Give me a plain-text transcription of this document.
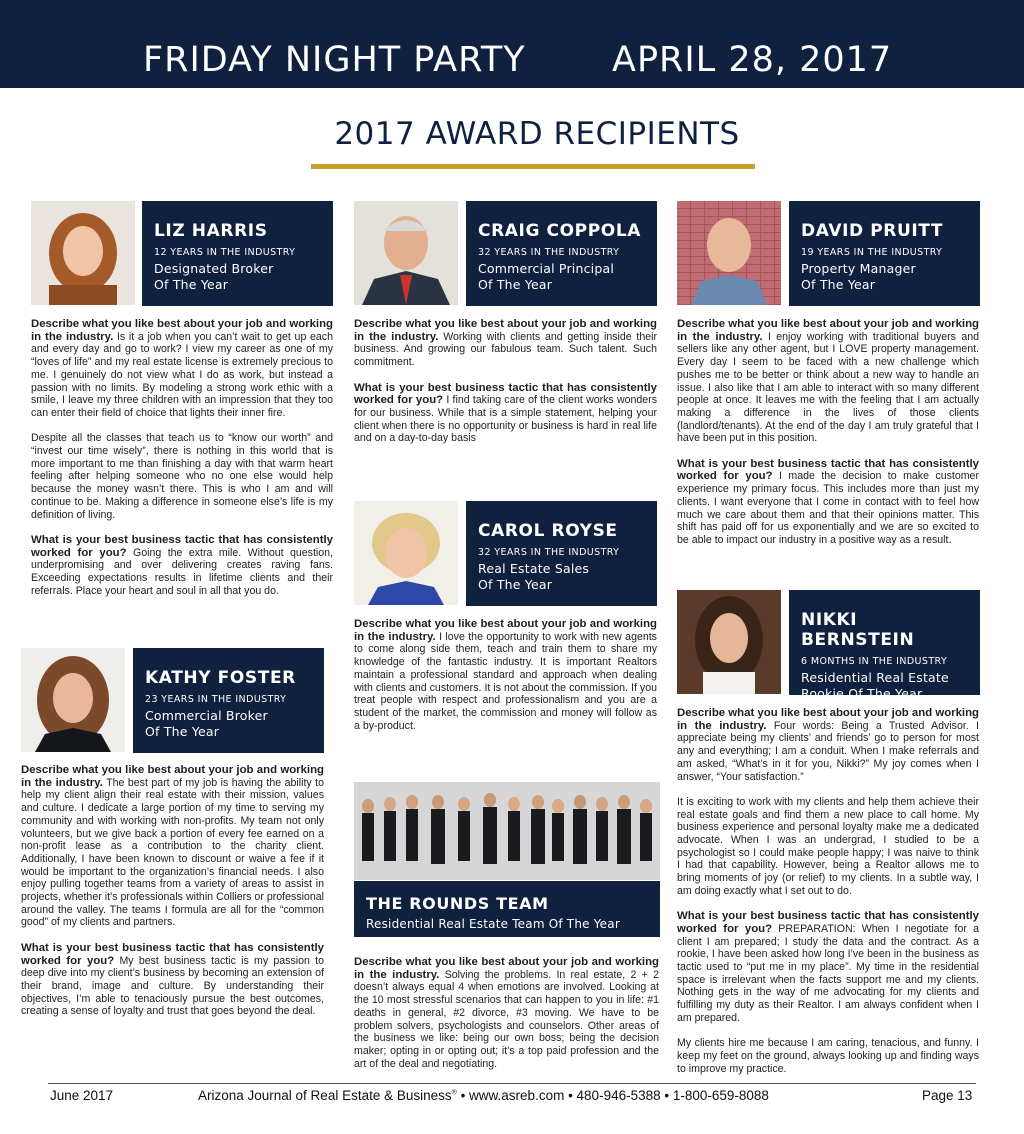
FRIDAY NIGHT PARTY APRIL 28, 2017
2017 AWARD RECIPIENTS
LIZ HARRIS
12 YEARS IN THE INDUSTRY
Designated Broker
Of The Year

Describe what you like best about your job and working in the industry. Is it a job when you can’t wait to get up each and every day and go to work? I view my career as one of my “loves of life” and my real estate license is extremely precious to me. I genuinely do not view what I do as work, but instead a passion with no limits. By modeling a strong work ethic with a smile, I leave my three children with an impression that they too can enter their field of choice that lights their inner fire.

Despite all the classes that teach us to “know our worth” and “invest our time wisely”, there is nothing in this world that is more important to me than finishing a day with that warm heart feeling after helping someone who no one else would help because the money wasn’t there. This is who I am and will continue to be. Making a difference in someone else’s life is my definition of living.

What is your best business tactic that has consistently worked for you? Going the extra mile. Without question, underpromising and over delivering creates raving fans. Exceeding expectations results in lifetime clients and their referrals. Place your heart and soul in all that you do.

CRAIG COPPOLA
32 YEARS IN THE INDUSTRY
Commercial Principal
Of The Year

Describe what you like best about your job and working in the industry. Working with clients and getting inside their business. And growing our fabulous team. Such talent. Such commitment.

What is your best business tactic that has consistently worked for you? I find taking care of the client works wonders for our business. While that is a simple statement, helping your client when there is no opportunity or business is hard in real life and on a day-to-day basis

DAVID PRUITT
19 YEARS IN THE INDUSTRY
Property Manager
Of The Year

Describe what you like best about your job and working in the industry. I enjoy working with traditional buyers and sellers like any other agent, but I LOVE property management. Every day I seem to be faced with a new challenge which pushes me to be better or think about a new way to handle an issue. I also like that I am able to interact with so many different people at once. It leaves me with the feeling that I am actually making a difference in the lives of those clients (landlord/tenants). At the end of the day I am truly grateful that I have been put in this position.

What is your best business tactic that has consistently worked for you? I made the decision to make customer experience my primary focus. This includes more than just my clients. I want everyone that I come in contact with to feel how much we care about them and that their opinions matter. This shift has paid off for us exponentially and we are so excited to be able to impact our industry in a positive way as a result.

CAROL ROYSE
32 YEARS IN THE INDUSTRY
Real Estate Sales
Of The Year

Describe what you like best about your job and working in the industry. I love the opportunity to work with new agents to come along side them, teach and train them to share my knowledge of the fantastic industry. It is important Realtors maintain a professional standard and approach when dealing with clients and customers. It is not about the commission. If you treat people with respect and professionalism and you are a student of the market, the commission and money will follow as a by-product.

NIKKI BERNSTEIN
6 MONTHS IN THE INDUSTRY
Residential Real Estate
Rookie Of The Year

Describe what you like best about your job and working in the industry. Four words: Being a Trusted Advisor. I appreciate being my clients’ and friends’ go to person for most any and everything; I am a conduit. When I make referrals and am asked, “What’s in it for you, Nikki?” My joy comes when I answer, “Your satisfaction.”

It is exciting to work with my clients and help them achieve their real estate goals and find them a new place to call home. My business experience and personal loyalty make me a dedicated advocate. When I was an undergrad, I studied to be a psychologist so I could make people happy; I was naive to think I had that capability. However, being a Realtor allows me to bring moments of joy (or relief) to my clients. In a subtle way, I am doing exactly what I set out to do.

What is your best business tactic that has consistently worked for you? PREPARATION: When I negotiate for a client I am prepared; I study the data and the contract. As a rookie, I have been asked how long I’ve been in the business as tactic used to “put me in my place”. My time in the residential space is irrelevant when the facts support me and my clients. Nothing gets in the way of me advocating for my clients and fulfilling my duty as their Realtor. I am always confident when I am prepared.

My clients hire me because I am caring, tenacious, and funny. I keep my feet on the ground, always looking up and finding ways to improve my practice.

KATHY FOSTER
23 YEARS IN THE INDUSTRY
Commercial Broker
Of The Year

Describe what you like best about your job and working in the industry. The best part of my job is having the ability to help my client align their real estate with their mission, values and culture. I dedicate a large portion of my time to serving my community and with working with non-profits. My team not only volunteers, but we give back a portion of every fee earned on a non-profit lease as a contribution to the charity client. Additionally, I have been known to discount or waive a fee if it would be important to the organization’s financial needs. I also enjoy pulling together teams from a variety of areas to assist in projects, whether it’s professionals within Colliers or professional around the valley. The teams I formula are all for the “common good” of my clients and partners.

What is your best business tactic that has consistently worked for you? My best business tactic is my passion to deep dive into my client’s business by becoming an extension of their brand, image and culture. By understanding their objectives, I’m able to tenaciously pursue the best outcomes, creating a sense of loyalty and trust that goes beyond the deal.

THE ROUNDS TEAM
Residential Real Estate Team Of The Year

Describe what you like best about your job and working in the industry. Solving the problems. In real estate, 2 + 2 doesn’t always equal 4 when emotions are involved. Looking at the 10 most stressful scenarios that can happen to you in life: #1 deaths in general, #2 divorce, #3 moving. We have to be problem solvers, psychologists and counselors. Other areas of the business we like: being our own boss; being the decision maker; opting in or opting out; it’s a top paid profession and the art of the deal and negotiating.

June 2017	Arizona Journal of Real Estate & Business® • www.asreb.com • 480-946-5388 • 1-800-659-8088	Page 13
